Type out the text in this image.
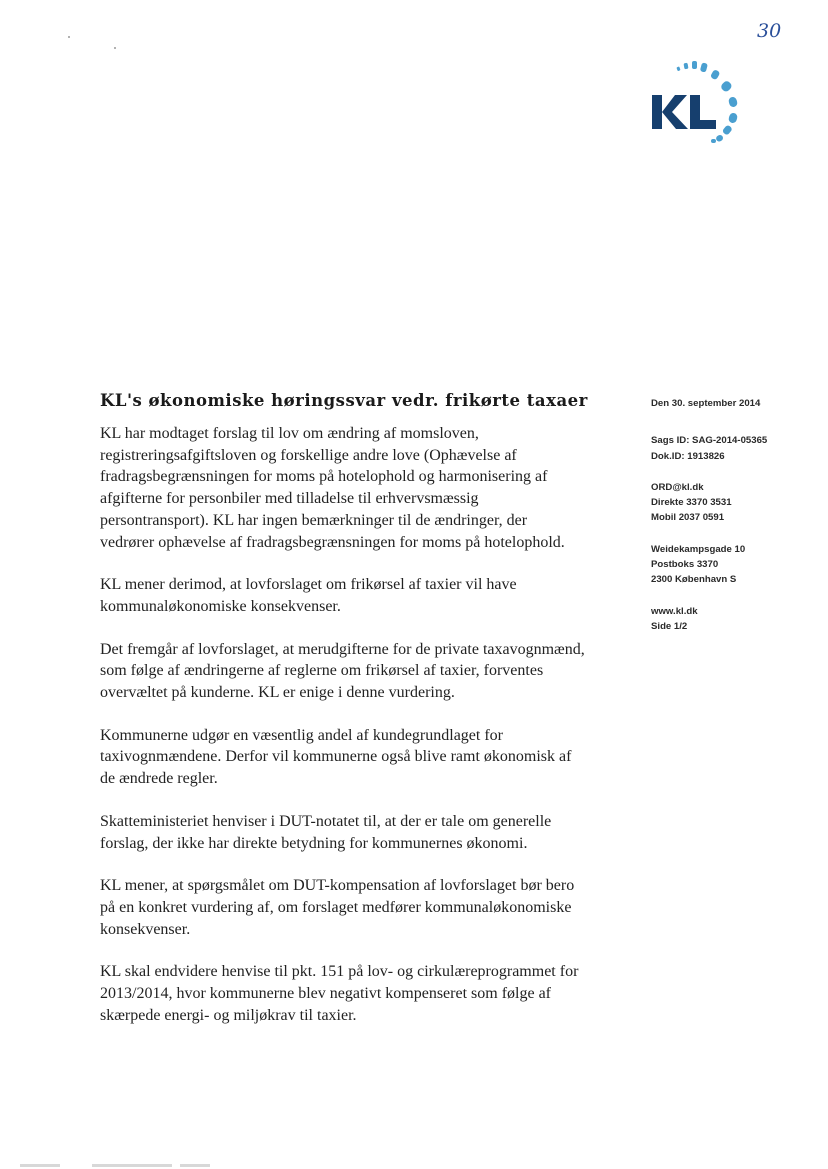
30
KL's økonomiske høringssvar vedr. frikørte taxaer

KL har modtaget forslag til lov om ændring af momsloven,
registreringsafgiftsloven og forskellige andre love (Ophævelse af
fradragsbegrænsningen for moms på hotelophold og harmonisering af
afgifterne for personbiler med tilladelse til erhvervsmæssig
persontransport). KL har ingen bemærkninger til de ændringer, der
vedrører ophævelse af fradragsbegrænsningen for moms på hotelophold.

KL mener derimod, at lovforslaget om frikørsel af taxier vil have
kommunaløkonomiske konsekvenser.

Det fremgår af lovforslaget, at merudgifterne for de private taxavognmænd,
som følge af ændringerne af reglerne om frikørsel af taxier, forventes
overvæltet på kunderne. KL er enige i denne vurdering.

Kommunerne udgør en væsentlig andel af kundegrundlaget for
taxivognmændene. Derfor vil kommunerne også blive ramt økonomisk af
de ændrede regler.

Skatteministeriet henviser i DUT-notatet til, at der er tale om generelle
forslag, der ikke har direkte betydning for kommunernes økonomi.

KL mener, at spørgsmålet om DUT-kompensation af lovforslaget bør bero
på en konkret vurdering af, om forslaget medfører kommunaløkonomiske
konsekvenser.

KL skal endvidere henvise til pkt. 151 på lov- og cirkulæreprogrammet for
2013/2014, hvor kommunerne blev negativt kompenseret som følge af
skærpede energi- og miljøkrav til taxier.

Den 30. september 2014
Sags ID: SAG-2014-05365
Dok.ID: 1913826
ORD@kl.dk
Direkte 3370 3531
Mobil 2037 0591
Weidekampsgade 10
Postboks 3370
2300 København S
www.kl.dk
Side 1/2
